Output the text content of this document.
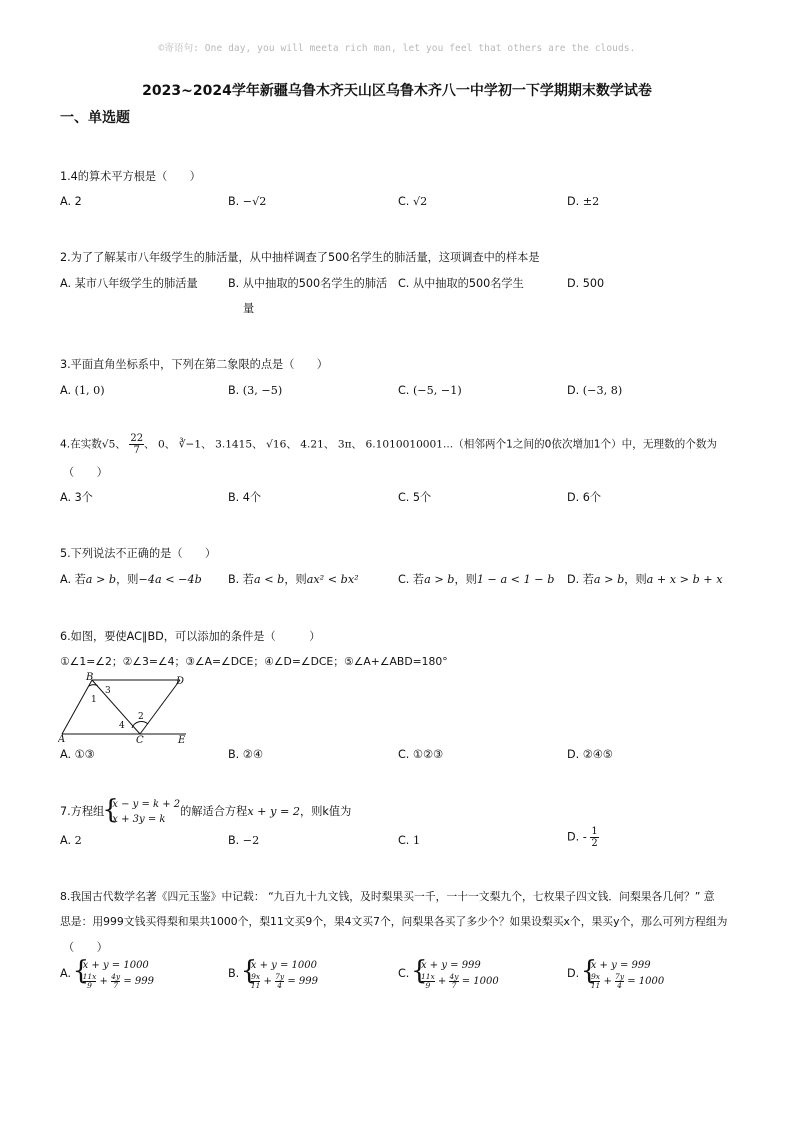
©寄语句: One day, you will meeta rich man, let you feel that others are the clouds.
2023~2024学年新疆乌鲁木齐天山区乌鲁木齐八一中学初一下学期期末数学试卷
一、单选题
1.4的算术平方根是（　　）
A. 2	B. −√2	C. √2	D. ±2
2.为了了解某市八年级学生的肺活量，从中抽样调查了500名学生的肺活量，这项调查中的样本是
A. 某市八年级学生的肺活量	B. 从中抽取的500名学生的肺活
量
C. 从中抽取的500名学生	D. 500
3.平面直角坐标系中，下列在第二象限的点是（　　）
A. (1, 0)	B. (3, −5)	C. (−5, −1)	D. (−3, 8)
4.在实数√5、 $\frac{22}{7}$ 、 0、 ∛−1、 3.1415、 √16、 4.21、 3π、 6.1010010001...（相邻两个1之间的0依次增加1个）中，无理数的个数为
（　　）
A. 3个	B. 4个	C. 5个	D. 6个
5.下列说法不正确的是（　　）
A. 若a > b，则−4a < −4b B. 若a < b，则ax² < bx²	C. 若a > b，则1 − a < 1 − b D. 若a > b，则a + x > b + x
6.如图，要使AC∥BD，可以添加的条件是（　　　）
①∠1=∠2；②∠3=∠4；③∠A=∠DCE；④∠D=∠DCE；⑤∠A+∠ABD=180°
B	D
A	C	E
1
3
2
4
A. ①③	B. ②④	C. ①②③	D. ②④⑤
7.方程组
{ x − y = k + 2
x + 3y = k
的解适合方程x + y = 2，则k值为
A. 2	B. −2	C. 1	D. - $\frac{1}{2}$
8.我国古代数学名著《四元玉鉴》中记载： “九百九十九文钱，及时梨果买一千，一十一文梨九个，七枚果子四文钱．问梨果各几何？” 意
思是：用999文钱买得梨和果共1000个，梨11文买9个，果4文买7个，问梨果各买了多少个？如果设梨买x个，果买y个，那么可列方程组为
（　　）
A.
{ x + y = 1000
$\frac{11x}{9} + \frac{4y}{7} = 999$
B.
{ x + y = 1000
$\frac{9x}{11} + \frac{7y}{4} = 999$
C.
{ x + y = 999
$\frac{11x}{9} + \frac{4y}{7} = 1000$
D.
{ x + y = 999
$\frac{9x}{11} + \frac{7y}{4} = 1000$
